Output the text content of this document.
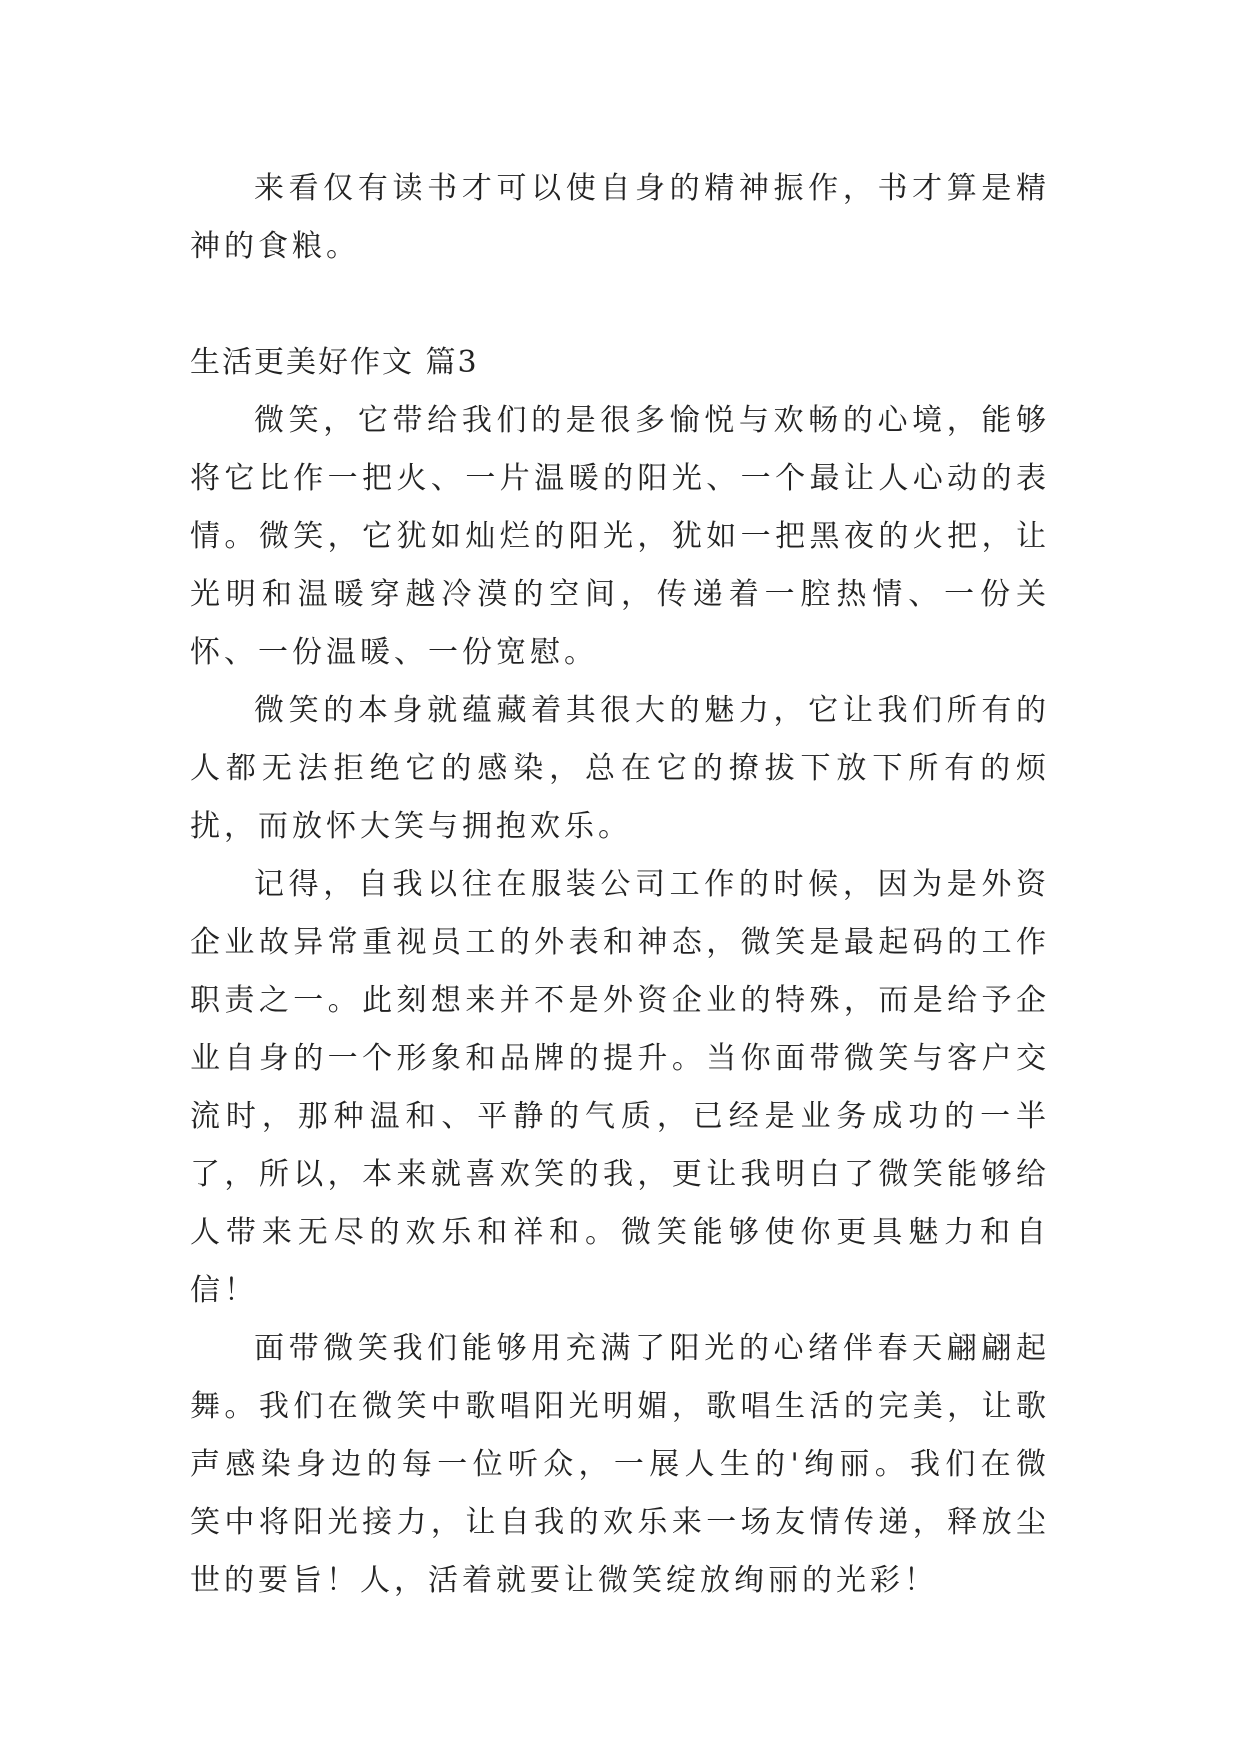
来看仅有读书才可以使自身的精神振作，书才算是精神的食粮。

生活更美好作文 篇3

微笑，它带给我们的是很多愉悦与欢畅的心境，能够将它比作一把火、一片温暖的阳光、一个最让人心动的表情。微笑，它犹如灿烂的阳光，犹如一把黑夜的火把，让光明和温暖穿越冷漠的空间，传递着一腔热情、一份关怀、一份温暖、一份宽慰。

微笑的本身就蕴藏着其很大的魅力，它让我们所有的人都无法拒绝它的感染，总在它的撩拔下放下所有的烦扰，而放怀大笑与拥抱欢乐。

记得，自我以往在服装公司工作的时候，因为是外资企业故异常重视员工的外表和神态，微笑是最起码的工作职责之一。此刻想来并不是外资企业的特殊，而是给予企业自身的一个形象和品牌的提升。当你面带微笑与客户交流时，那种温和、平静的气质，已经是业务成功的一半了，所以，本来就喜欢笑的我，更让我明白了微笑能够给人带来无尽的欢乐和祥和。微笑能够使你更具魅力和自信！

面带微笑我们能够用充满了阳光的心绪伴春天翩翩起舞。我们在微笑中歌唱阳光明媚，歌唱生活的完美，让歌声感染身边的每一位听众，一展人生的'绚丽。我们在微笑中将阳光接力，让自我的欢乐来一场友情传递，释放尘世的要旨！人，活着就要让微笑绽放绚丽的光彩！
